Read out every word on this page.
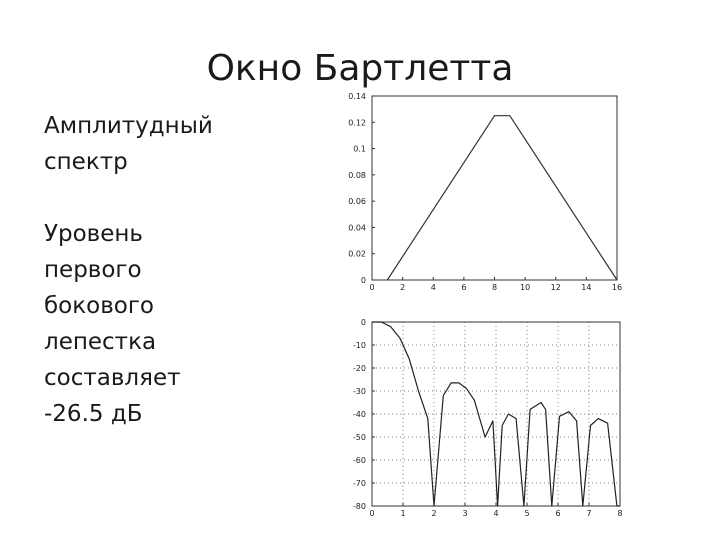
Окно Бартлетта
Амплитудный
спектр
Уровень
первого
бокового
лепестка
составляет
-26.5 дБ
0	2	4	6	8	10	12	14	16
0
0.02
0.04
0.06
0.08
0.1
0.12
0.14
0	1	2	3	4	5	6	7	8
-80
-70
-60
-50
-40
-30
-20
-10
0
